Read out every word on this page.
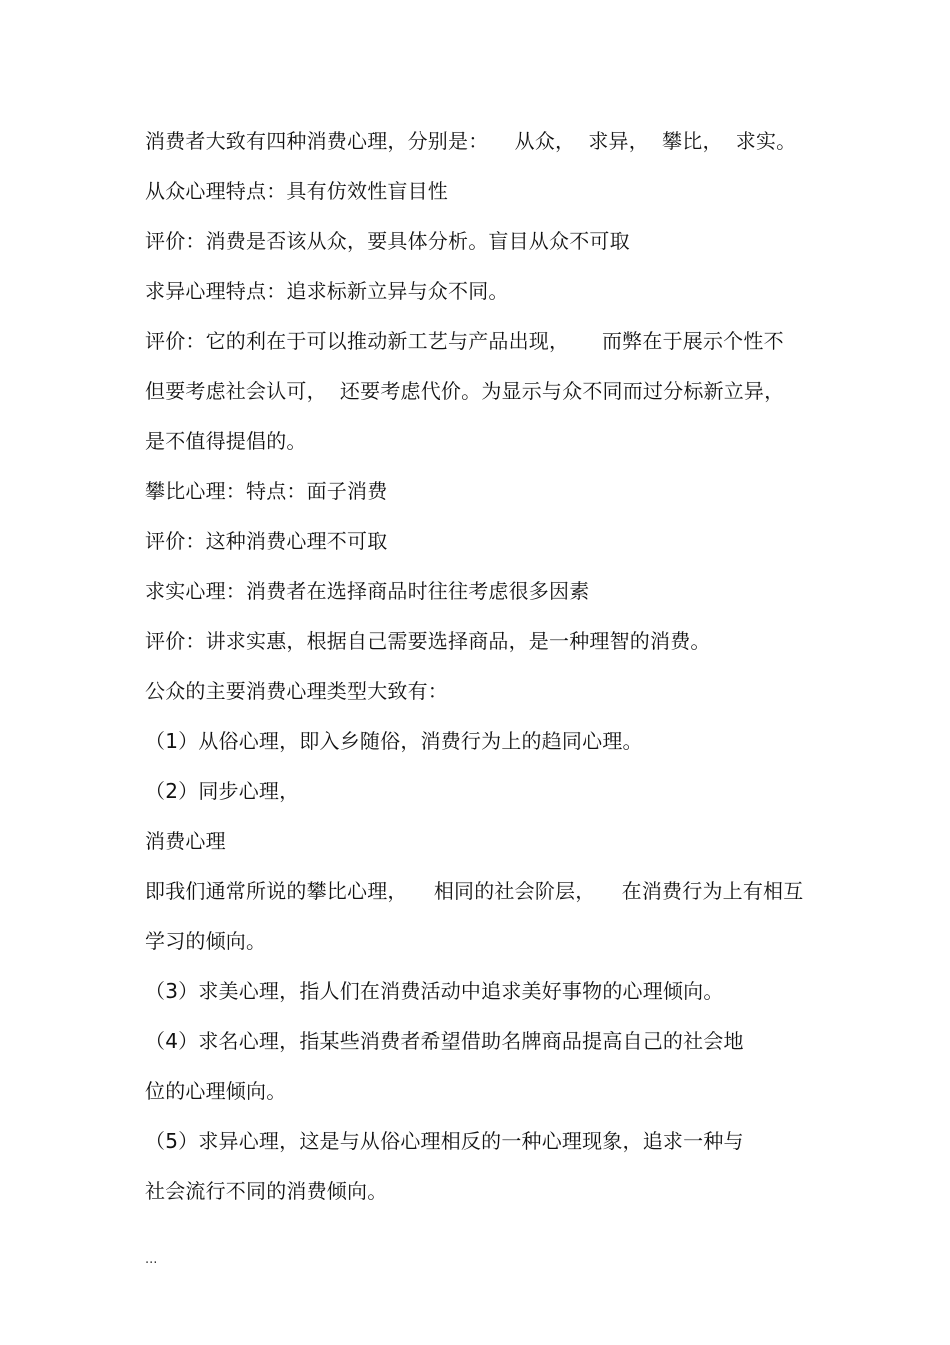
消费者大致有四种消费心理，分别是：    从众，  求异，  攀比，  求实。
从众心理特点：具有仿效性盲目性
评价：消费是否该从众，要具体分析。盲目从众不可取
求异心理特点：追求标新立异与众不同。
评价：它的利在于可以推动新工艺与产品出现，     而弊在于展示个性不
但要考虑社会认可，  还要考虑代价。为显示与众不同而过分标新立异，
是不值得提倡的。
攀比心理：特点：面子消费
评价：这种消费心理不可取
求实心理：消费者在选择商品时往往考虑很多因素
评价：讲求实惠，根据自己需要选择商品，是一种理智的消费。
公众的主要消费心理类型大致有：
（1）从俗心理，即入乡随俗，消费行为上的趋同心理。
（2）同步心理，
消费心理
即我们通常所说的攀比心理，    相同的社会阶层，    在消费行为上有相互
学习的倾向。
（3）求美心理，指人们在消费活动中追求美好事物的心理倾向。
（4）求名心理，指某些消费者希望借助名牌商品提高自己的社会地
位的心理倾向。
（5）求异心理，这是与从俗心理相反的一种心理现象，追求一种与
社会流行不同的消费倾向。
...
